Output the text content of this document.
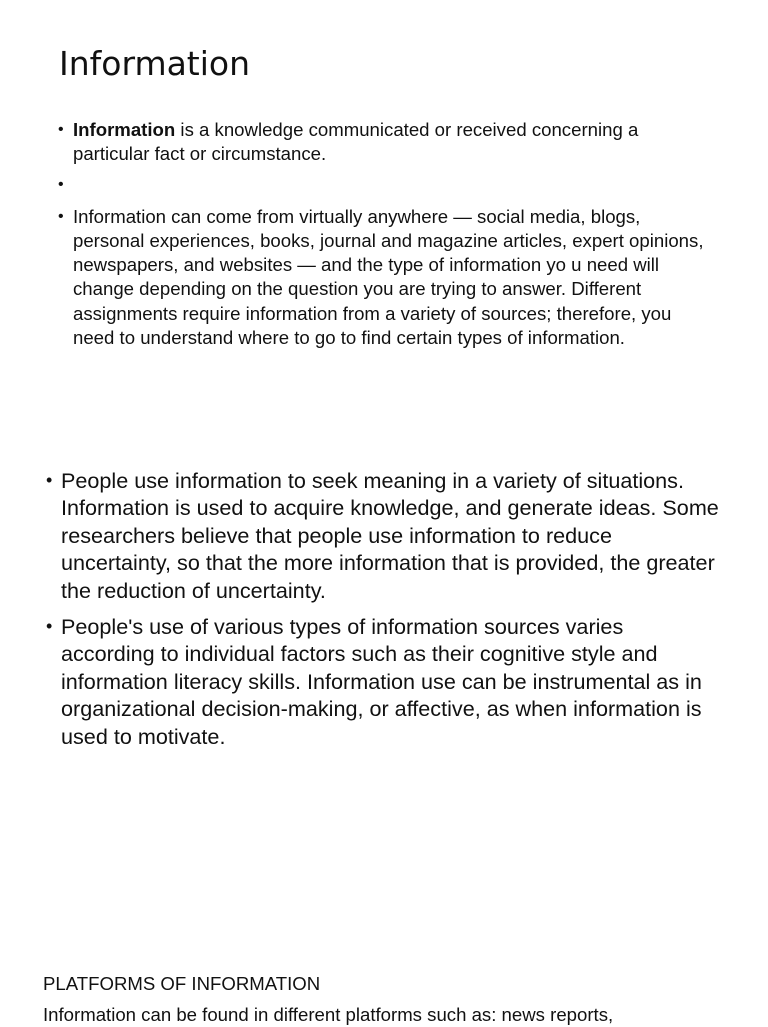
Information
• Information is a knowledge communicated or received concerning a particular fact or circumstance.
•
• Information can come from virtually anywhere — social media, blogs, personal experiences, books, journal and magazine articles, expert opinions, newspapers, and websites — and the type of information yo u need will change depending on the question you are trying to answer. Different assignments require information from a variety of sources; therefore, you need to understand where to go to find certain types of information.
• People use information to seek meaning in a variety of situations. Information is used to acquire knowledge, and generate ideas. Some researchers believe that people use information to reduce uncertainty, so that the more information that is provided, the greater the reduction of uncertainty.
• People's use of various types of information sources varies according to individual factors such as their cognitive style and information literacy skills. Information use can be instrumental as in organizational decision-making, or affective, as when information is used to motivate.
PLATFORMS OF INFORMATION

Information can be found in different platforms such as: news reports,
